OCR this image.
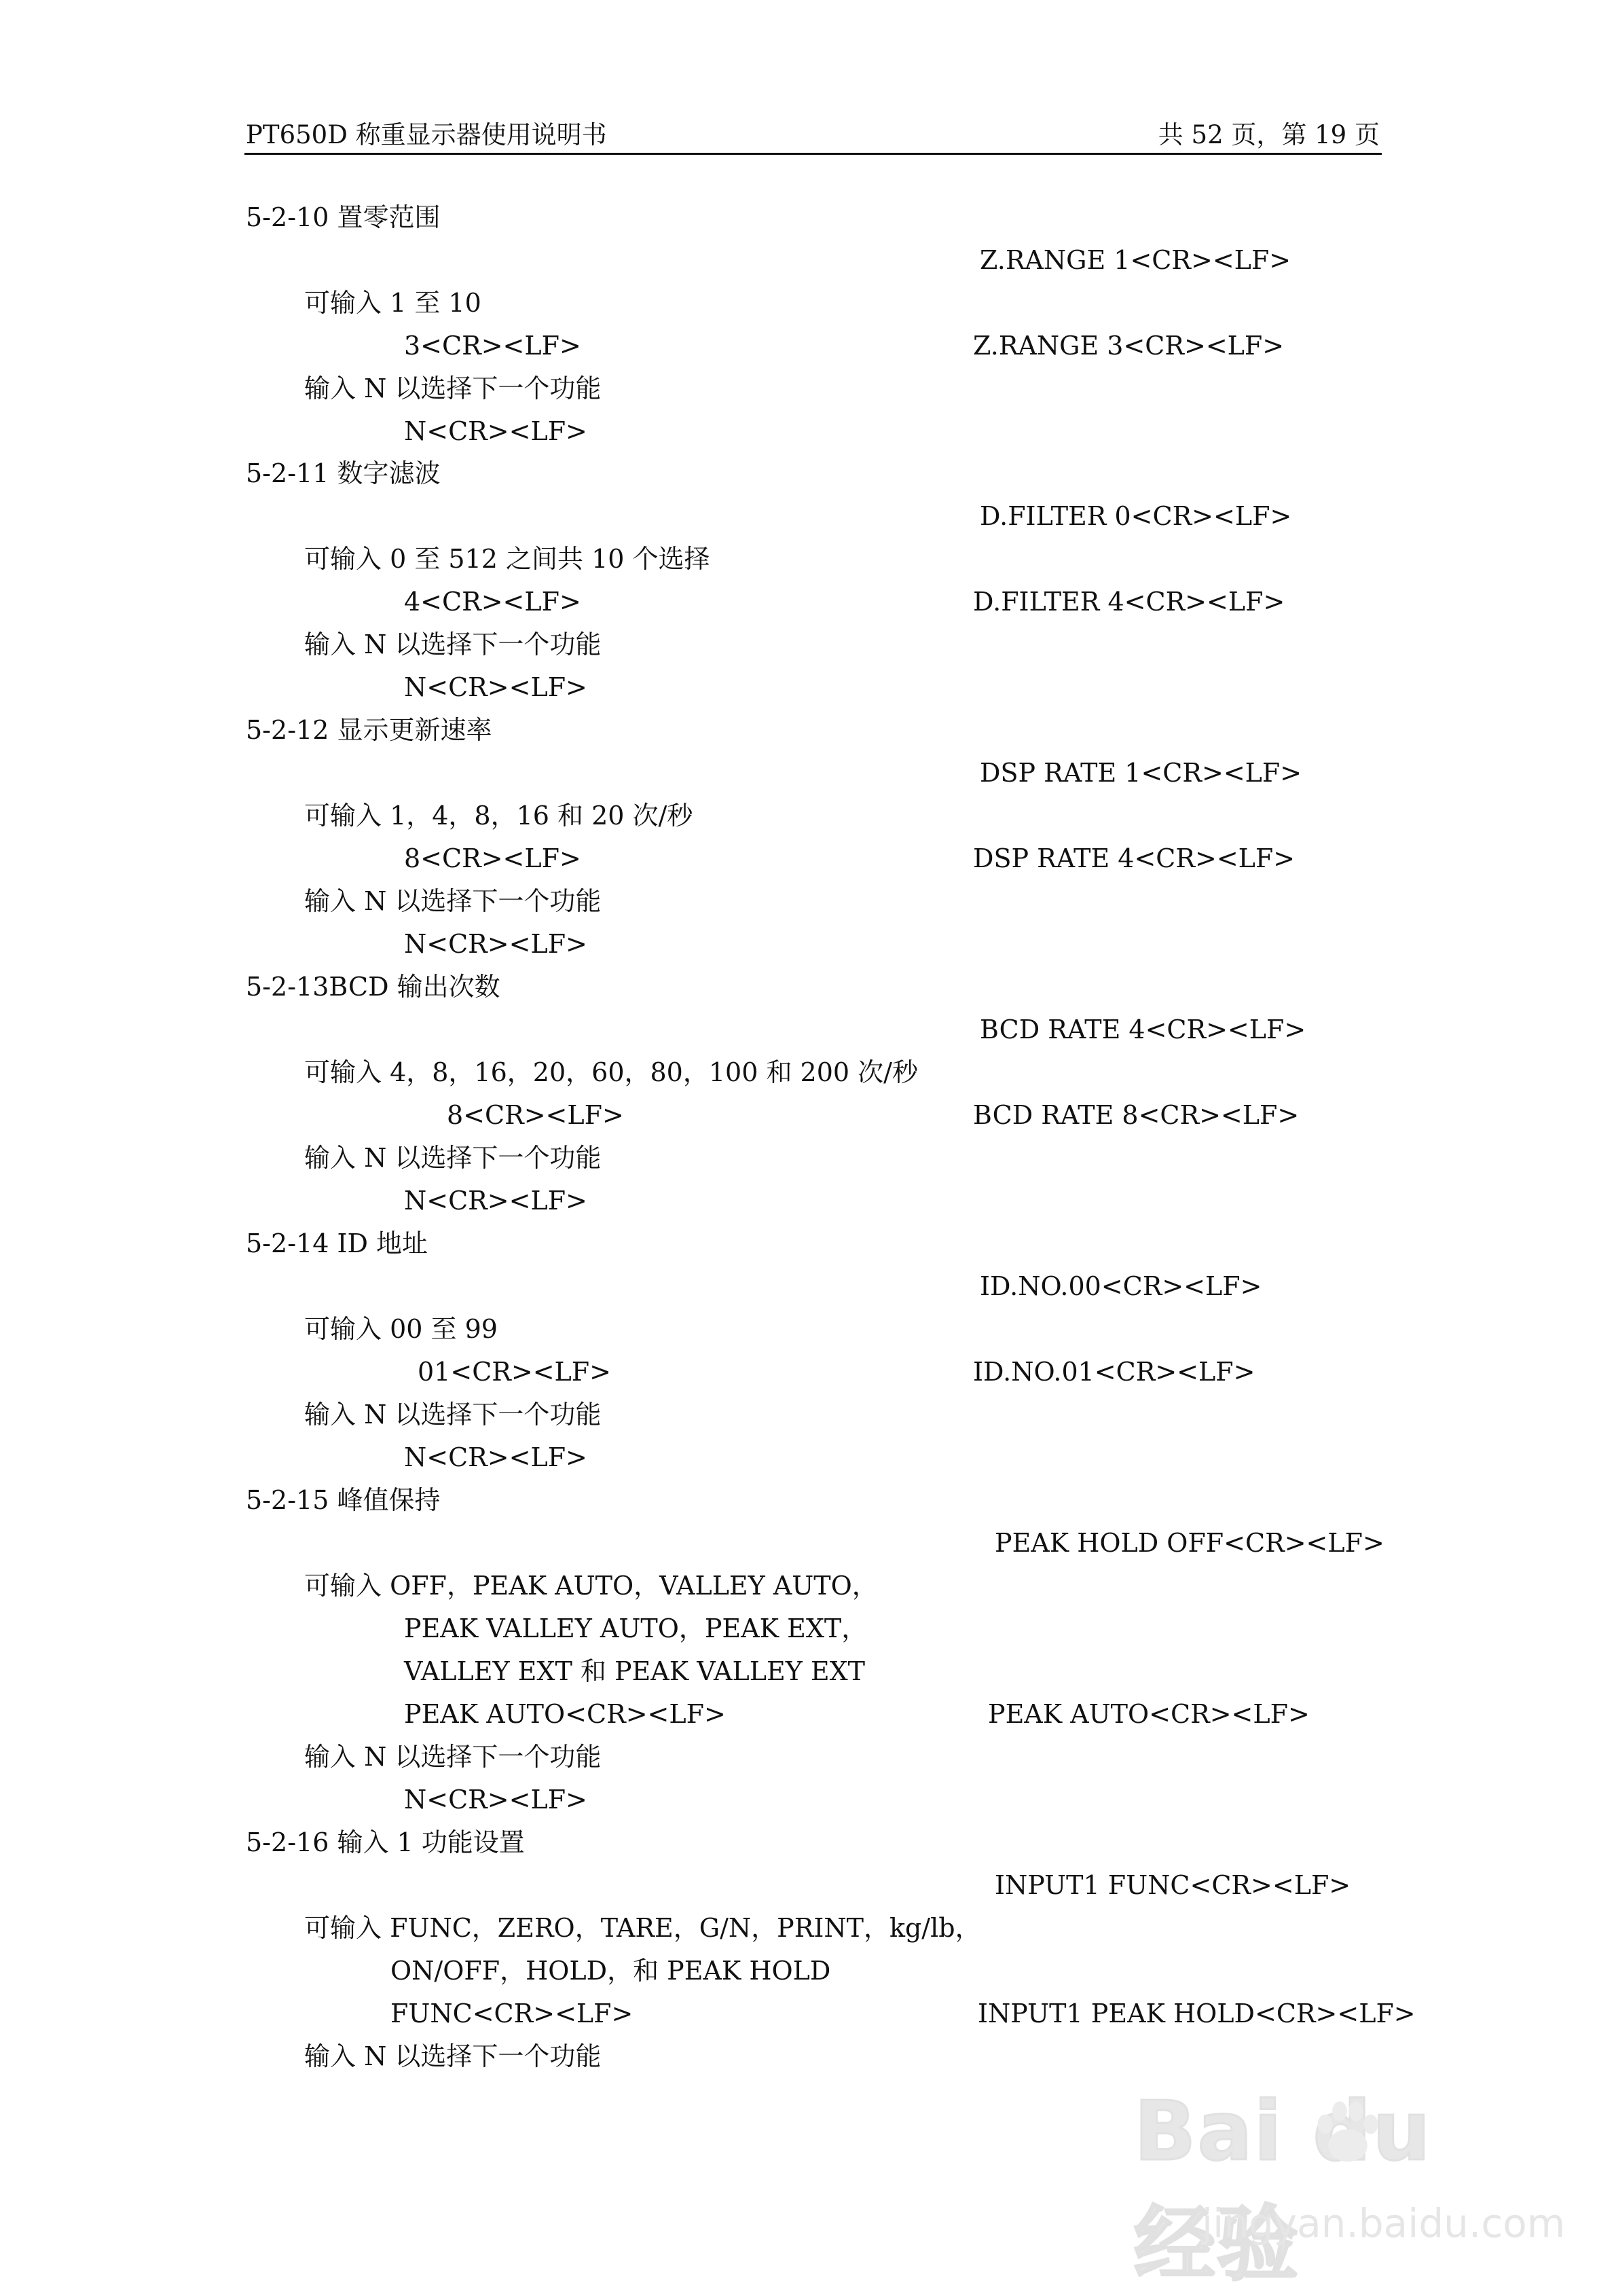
PT650D 称重显示器使用说明书	共 52 页，第 19 页
5-2-10 置零范围
Z.RANGE 1<CR><LF>
可输入 1 至 10
3<CR><LF>	Z.RANGE 3<CR><LF>
输入 N 以选择下一个功能
N<CR><LF>
5-2-11 数字滤波
D.FILTER 0<CR><LF>
可输入 0 至 512 之间共 10 个选择
4<CR><LF>	D.FILTER 4<CR><LF>
输入 N 以选择下一个功能
N<CR><LF>
5-2-12 显示更新速率
DSP RATE 1<CR><LF>
可输入 1，4，8，16 和 20 次/秒
8<CR><LF>	DSP RATE 4<CR><LF>
输入 N 以选择下一个功能
N<CR><LF>
5-2-13BCD 输出次数
BCD RATE 4<CR><LF>
可输入 4，8，16，20，60，80，100 和 200 次/秒
8<CR><LF>	BCD RATE 8<CR><LF>
输入 N 以选择下一个功能
N<CR><LF>
5-2-14 ID 地址
ID.NO.00<CR><LF>
可输入 00 至 99
01<CR><LF>	ID.NO.01<CR><LF>
输入 N 以选择下一个功能
N<CR><LF>
5-2-15 峰值保持
PEAK HOLD OFF<CR><LF>
可输入 OFF，PEAK AUTO，VALLEY AUTO，
PEAK VALLEY AUTO，PEAK EXT，
VALLEY EXT 和 PEAK VALLEY EXT
PEAK AUTO<CR><LF>	PEAK AUTO<CR><LF>
输入 N 以选择下一个功能
N<CR><LF>
5-2-16 输入 1 功能设置
INPUT1 FUNC<CR><LF>
可输入 FUNC，ZERO，TARE，G/N，PRINT，kg/lb，
ON/OFF，HOLD，和 PEAK HOLD
FUNC<CR><LF>	INPUT1 PEAK HOLD<CR><LF>
输入 N 以选择下一个功能
Bai du 经验
jingyan.baidu.com
